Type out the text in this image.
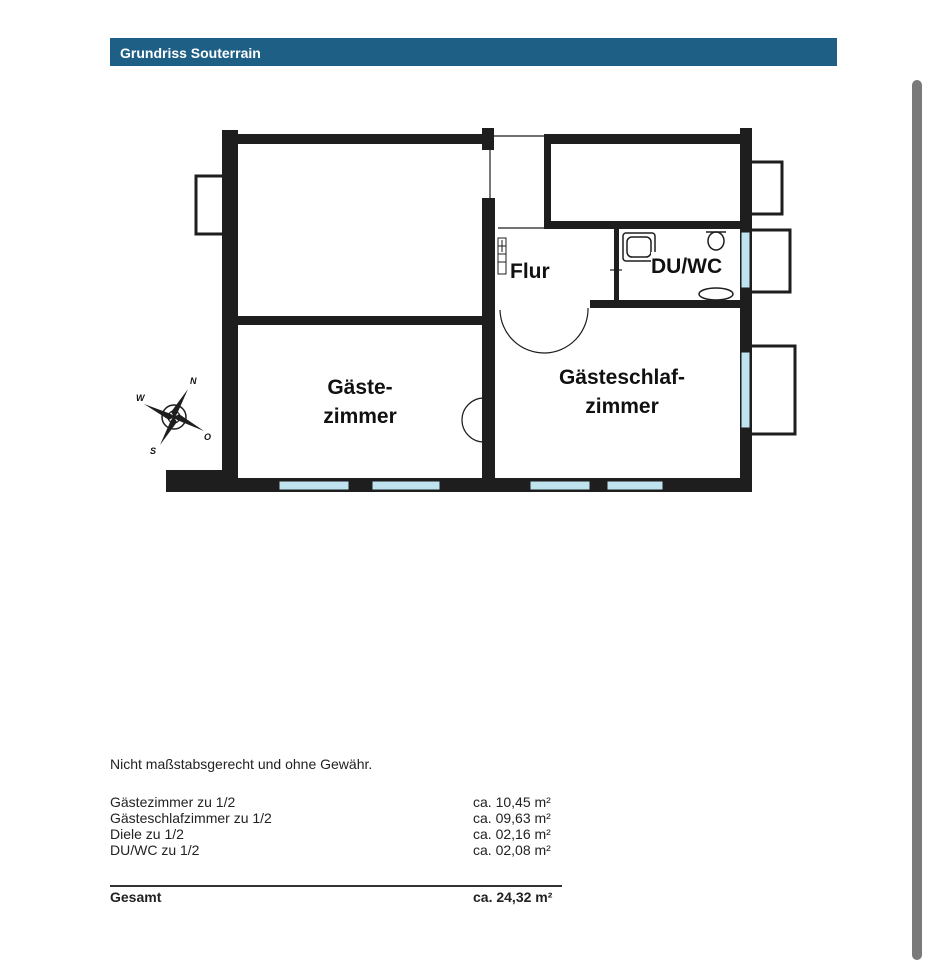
Grundriss Souterrain
Flur	DU/WC
Gäste-
zimmer
Gästeschlaf-
zimmer
N
O
S
W
Nicht maßstabsgerecht und ohne Gewähr.
Gästezimmer zu 1/2	ca. 10,45 m²
Gästeschlafzimmer zu 1/2	ca. 09,63 m²
Diele zu 1/2	ca. 02,16 m²
DU/WC zu 1/2	ca. 02,08 m²
Gesamt	ca. 24,32 m²
